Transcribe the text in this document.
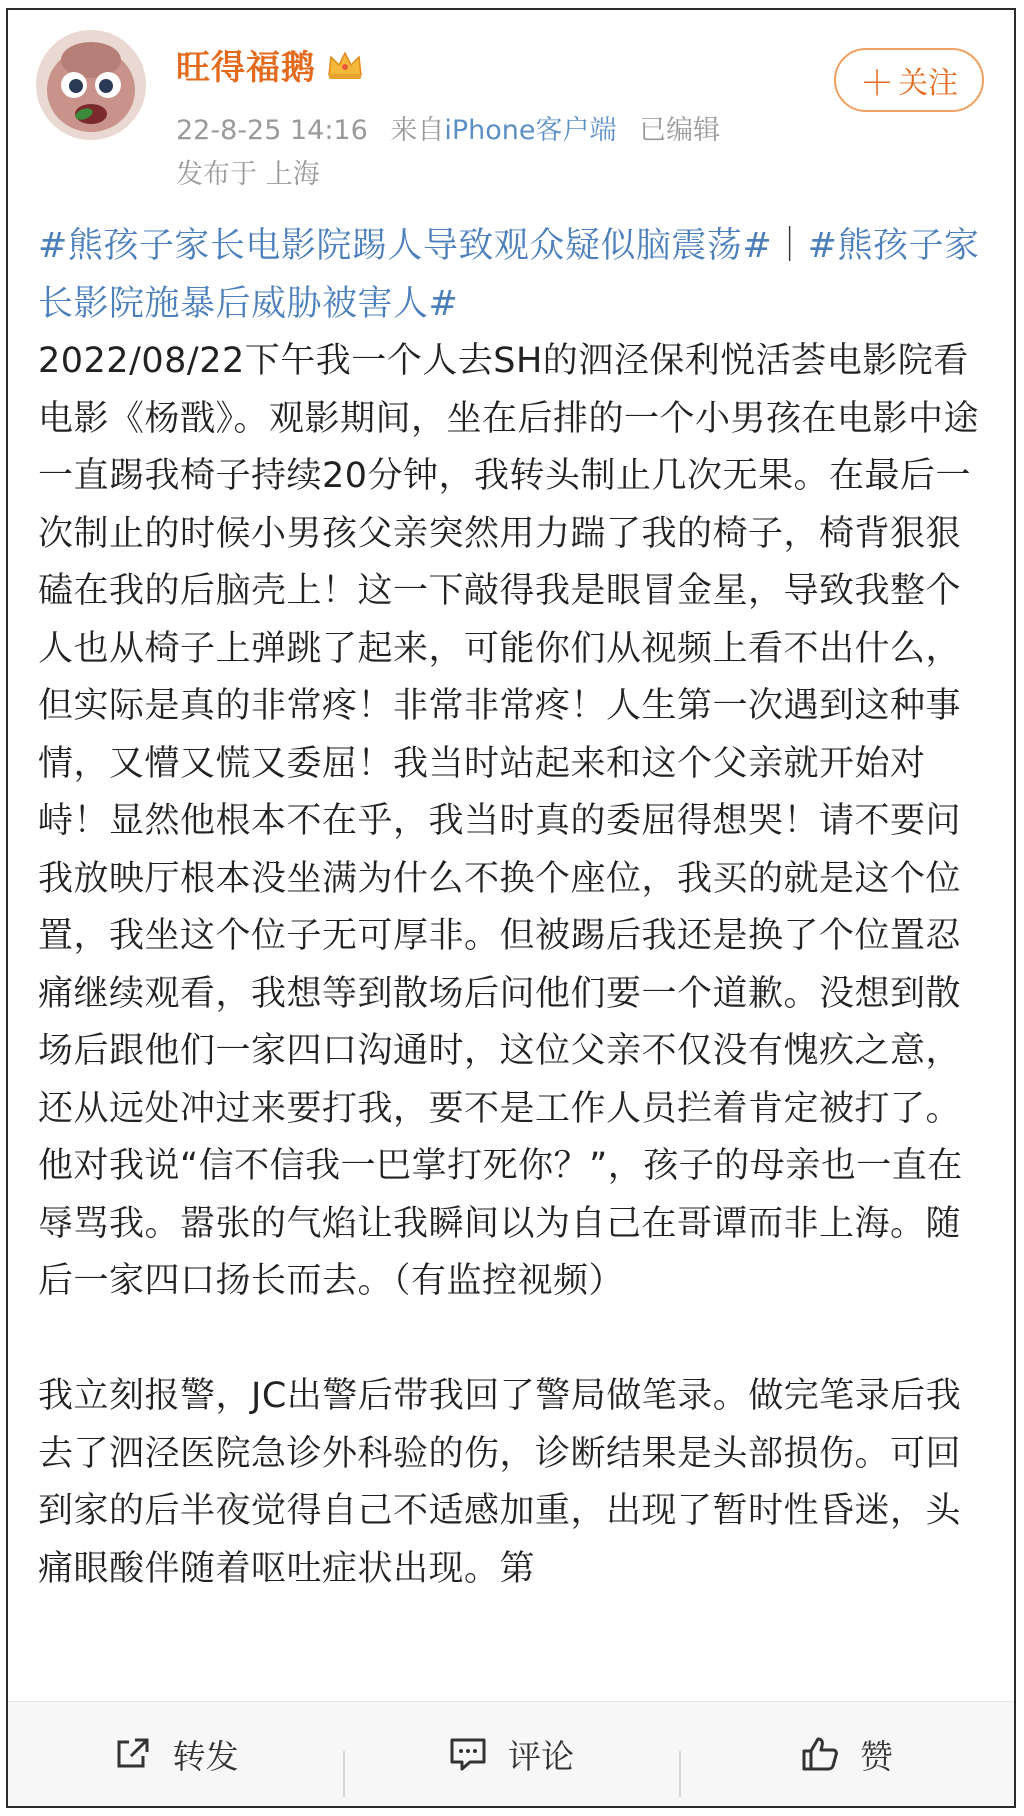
旺得福鹅
22-8-25 14:16 来自iPhone客户端 已编辑
发布于 上海
＋ 关注
#熊孩子家长电影院踢人导致观众疑似脑震荡#｜#熊孩子家长影院施暴后威胁被害人#
2022/08/22下午我一个人去SH的泗泾保利悦活荟电影院看电影《杨戬》。观影期间，坐在后排的一个小男孩在电影中途一直踢我椅子持续20分钟，我转头制止几次无果。在最后一次制止的时候小男孩父亲突然用力踹了我的椅子，椅背狠狠磕在我的后脑壳上！这一下敲得我是眼冒金星，导致我整个人也从椅子上弹跳了起来，可能你们从视频上看不出什么，但实际是真的非常疼！非常非常疼！人生第一次遇到这种事情，又懵又慌又委屈！我当时站起来和这个父亲就开始对峙！显然他根本不在乎，我当时真的委屈得想哭！请不要问我放映厅根本没坐满为什么不换个座位，我买的就是这个位置，我坐这个位子无可厚非。但被踢后我还是换了个位置忍痛继续观看，我想等到散场后问他们要一个道歉。没想到散场后跟他们一家四口沟通时，这位父亲不仅没有愧疚之意，还从远处冲过来要打我，要不是工作人员拦着肯定被打了。他对我说“信不信我一巴掌打死你？”，孩子的母亲也一直在辱骂我。嚣张的气焰让我瞬间以为自己在哥谭而非上海。随后一家四口扬长而去。（有监控视频）

我立刻报警，JC出警后带我回了警局做笔录。做完笔录后我去了泗泾医院急诊外科验的伤，诊断结果是头部损伤。可回到家的后半夜觉得自己不适感加重，出现了暂时性昏迷，头痛眼酸伴随着呕吐症状出现。第
转发	评论	赞
